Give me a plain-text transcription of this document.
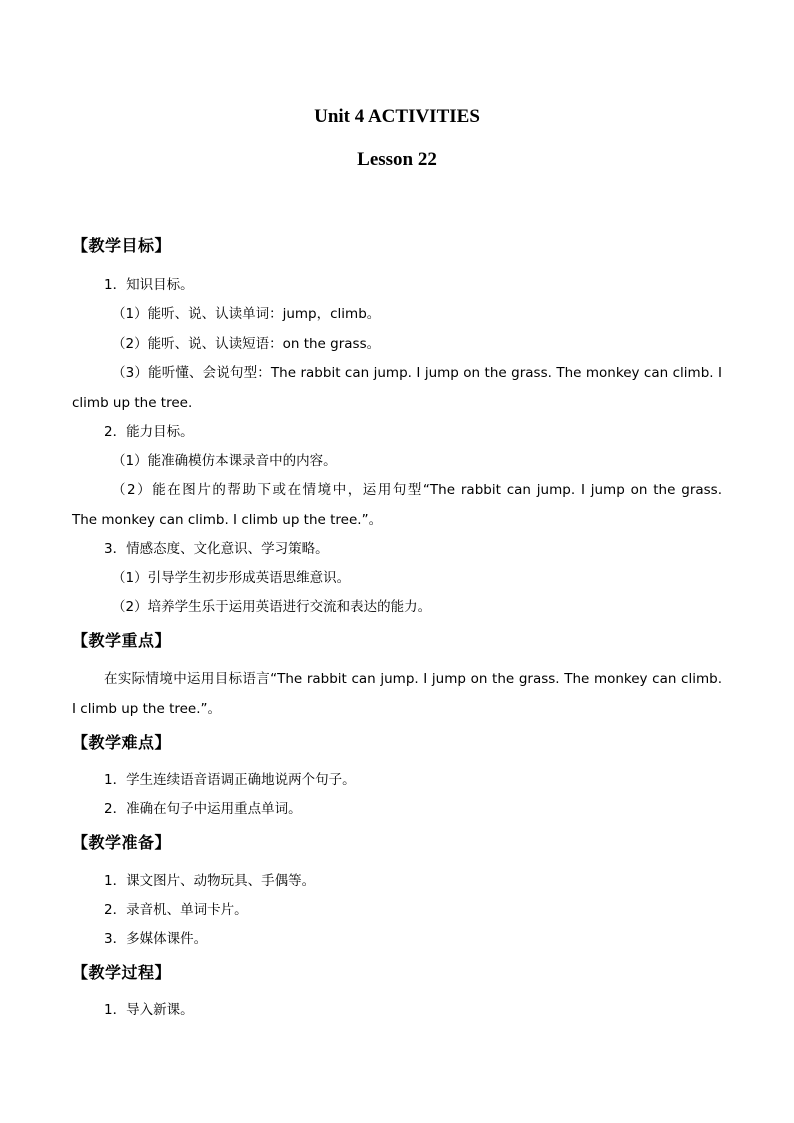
Unit 4 ACTIVITIES
Lesson 22
【教学目标】
1．知识目标。
（1）能听、说、认读单词：jump，climb。
（2）能听、说、认读短语：on the grass。
（3）能听懂、会说句型：The rabbit can jump. I jump on the grass. The monkey can climb. I
climb up the tree.
2．能力目标。
（1）能准确模仿本课录音中的内容。
（2）能在图片的帮助下或在情境中，运用句型“The rabbit can jump. I jump on the grass.
The monkey can climb. I climb up the tree.”。
3．情感态度、文化意识、学习策略。
（1）引导学生初步形成英语思维意识。
（2）培养学生乐于运用英语进行交流和表达的能力。
【教学重点】
在实际情境中运用目标语言“The rabbit can jump. I jump on the grass. The monkey can climb.
I climb up the tree.”。
【教学难点】
1．学生连续语音语调正确地说两个句子。
2．准确在句子中运用重点单词。
【教学准备】
1．课文图片、动物玩具、手偶等。
2．录音机、单词卡片。
3．多媒体课件。
【教学过程】
1．导入新课。
